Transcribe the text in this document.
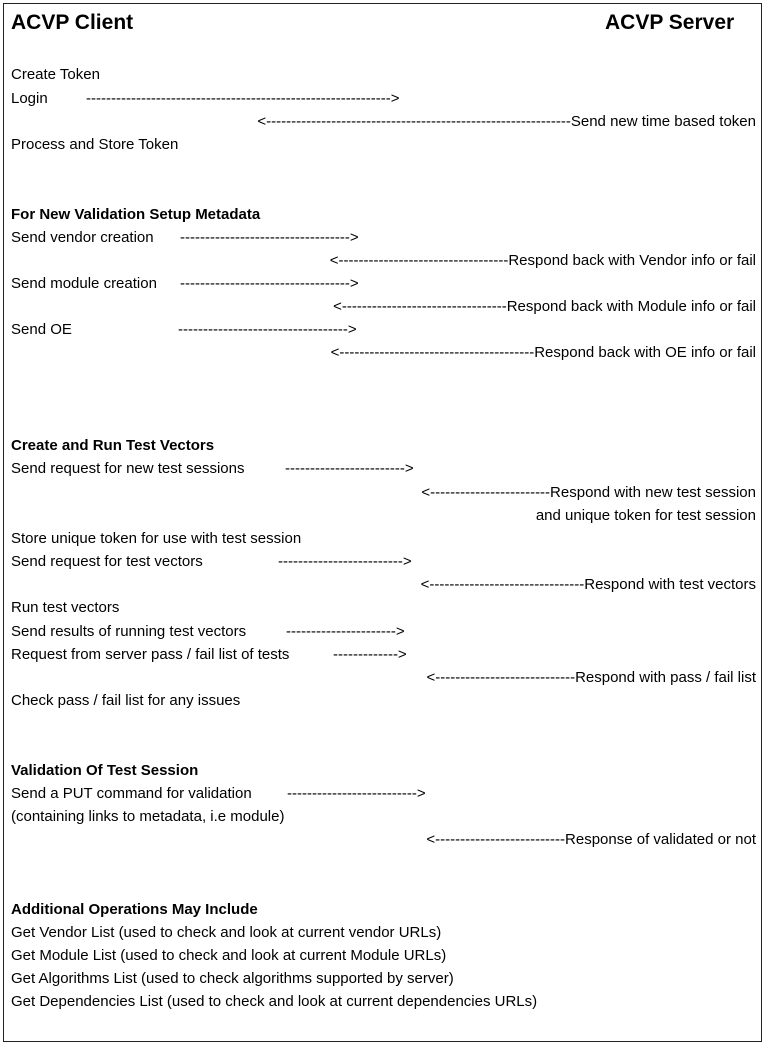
ACVP Client	ACVP Server
Create Token
Login	------------------------------------------------------------->
<-------------------------------------------------------------Send new time based token
Process and Store Token
For New Validation Setup Metadata
Send vendor creation ---------------------------------->
<----------------------------------Respond back with Vendor info or fail
Send module creation ---------------------------------->
<---------------------------------Respond back with Module info or fail
Send OE	---------------------------------->
<---------------------------------------Respond back with OE info or fail
Create and Run Test Vectors
Send request for new test sessions	------------------------>
<------------------------Respond with new test session
and unique token for test session
Store unique token for use with test session
Send request for test vectors	------------------------->
<-------------------------------Respond with test vectors
Run test vectors
Send results of running test vectors	---------------------->
Request from server pass / fail list of tests	------------->
<----------------------------Respond with pass / fail list
Check pass / fail list for any issues
Validation Of Test Session
Send a PUT command for validation -------------------------->
(containing links to metadata, i.e module)
<--------------------------Response of validated or not
Additional Operations May Include
Get Vendor List (used to check and look at current vendor URLs)
Get Module List (used to check and look at current Module URLs)
Get Algorithms List (used to check algorithms supported by server)
Get Dependencies List (used to check and look at current dependencies URLs)
